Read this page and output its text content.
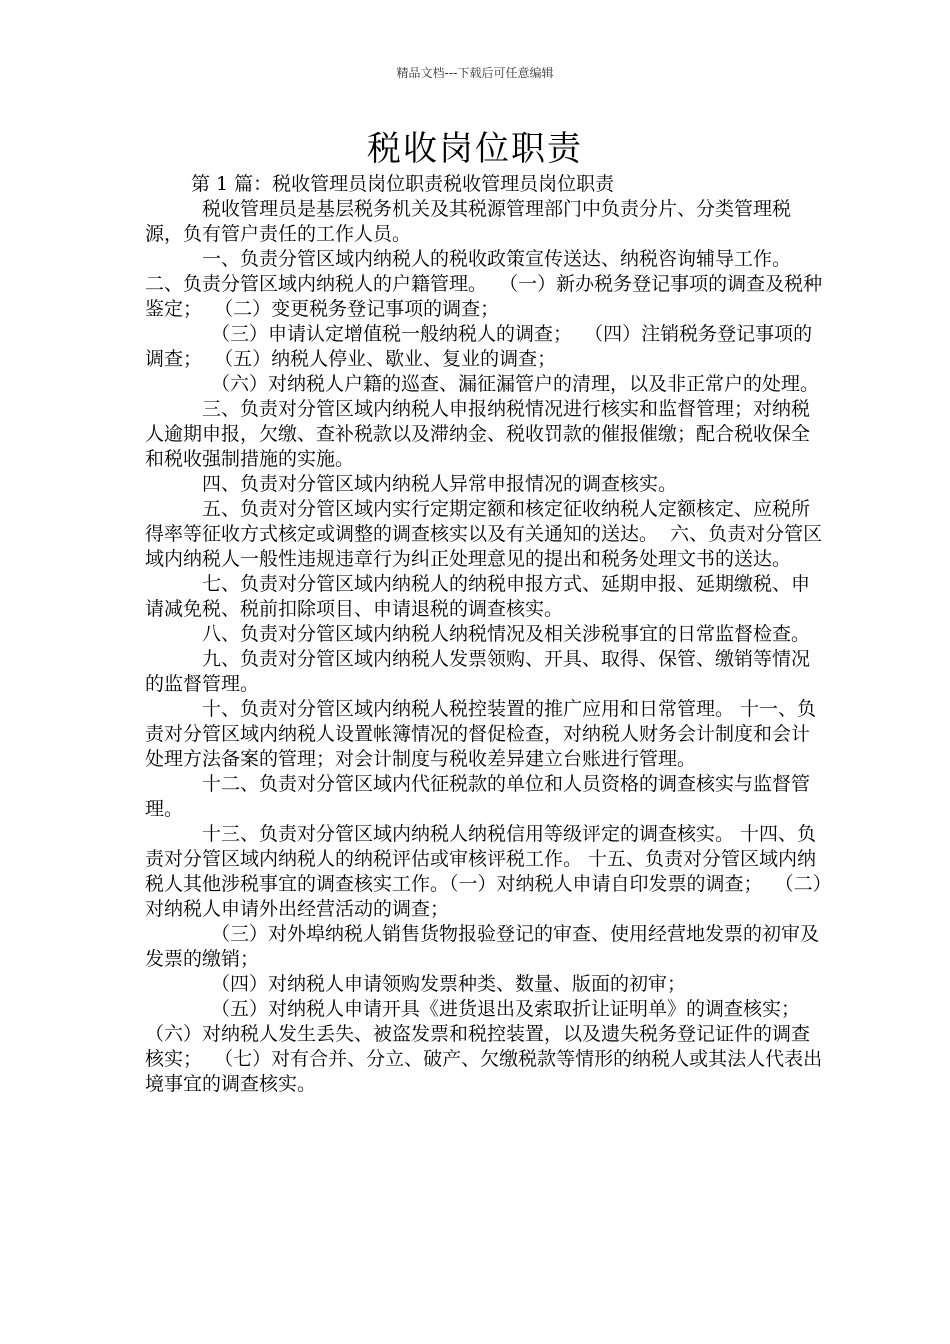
精品文档---下载后可任意编辑
税收岗位职责

第 1 篇：税收管理员岗位职责税收管理员岗位职责

税收管理员是基层税务机关及其税源管理部门中负责分片、分类管理税源，负有管户责任的工作人员。

一、负责分管区域内纳税人的税收政策宣传送达、纳税咨询辅导工作。  二、负责分管区域内纳税人的户籍管理。  （一）新办税务登记事项的调查及税种鉴定；  （二）变更税务登记事项的调查；

（三）申请认定增值税一般纳税人的调查；  （四）注销税务登记事项的调查；  （五）纳税人停业、歇业、复业的调查；

（六）对纳税人户籍的巡查、漏征漏管户的清理，以及非正常户的处理。

三、负责对分管区域内纳税人申报纳税情况进行核实和监督管理；对纳税人逾期申报，欠缴、查补税款以及滞纳金、税收罚款的催报催缴；配合税收保全和税收强制措施的实施。

四、负责对分管区域内纳税人异常申报情况的调查核实。

五、负责对分管区域内实行定期定额和核定征收纳税人定额核定、应税所得率等征收方式核定或调整的调查核实以及有关通知的送达。  六、负责对分管区域内纳税人一般性违规违章行为纠正处理意见的提出和税务处理文书的送达。

七、负责对分管区域内纳税人的纳税申报方式、延期申报、延期缴税、申请减免税、税前扣除项目、申请退税的调查核实。

八、负责对分管区域内纳税人纳税情况及相关涉税事宜的日常监督检查。

九、负责对分管区域内纳税人发票领购、开具、取得、保管、缴销等情况的监督管理。

十、负责对分管区域内纳税人税控装置的推广应用和日常管理。 十一、负责对分管区域内纳税人设置帐簿情况的督促检查，对纳税人财务会计制度和会计处理方法备案的管理；对会计制度与税收差异建立台账进行管理。

十二、负责对分管区域内代征税款的单位和人员资格的调查核实与监督管理。

十三、负责对分管区域内纳税人纳税信用等级评定的调查核实。 十四、负责对分管区域内纳税人的纳税评估或审核评税工作。 十五、负责对分管区域内纳税人其他涉税事宜的调查核实工作。（一）对纳税人申请自印发票的调查；  （二）对纳税人申请外出经营活动的调查；

（三）对外埠纳税人销售货物报验登记的审查、使用经营地发票的初审及发票的缴销；

（四）对纳税人申请领购发票种类、数量、版面的初审；

（五）对纳税人申请开具《进货退出及索取折让证明单》的调查核实；  （六）对纳税人发生丢失、被盗发票和税控装置，以及遗失税务登记证件的调查核实；  （七）对有合并、分立、破产、欠缴税款等情形的纳税人或其法人代表出境事宜的调查核实。
